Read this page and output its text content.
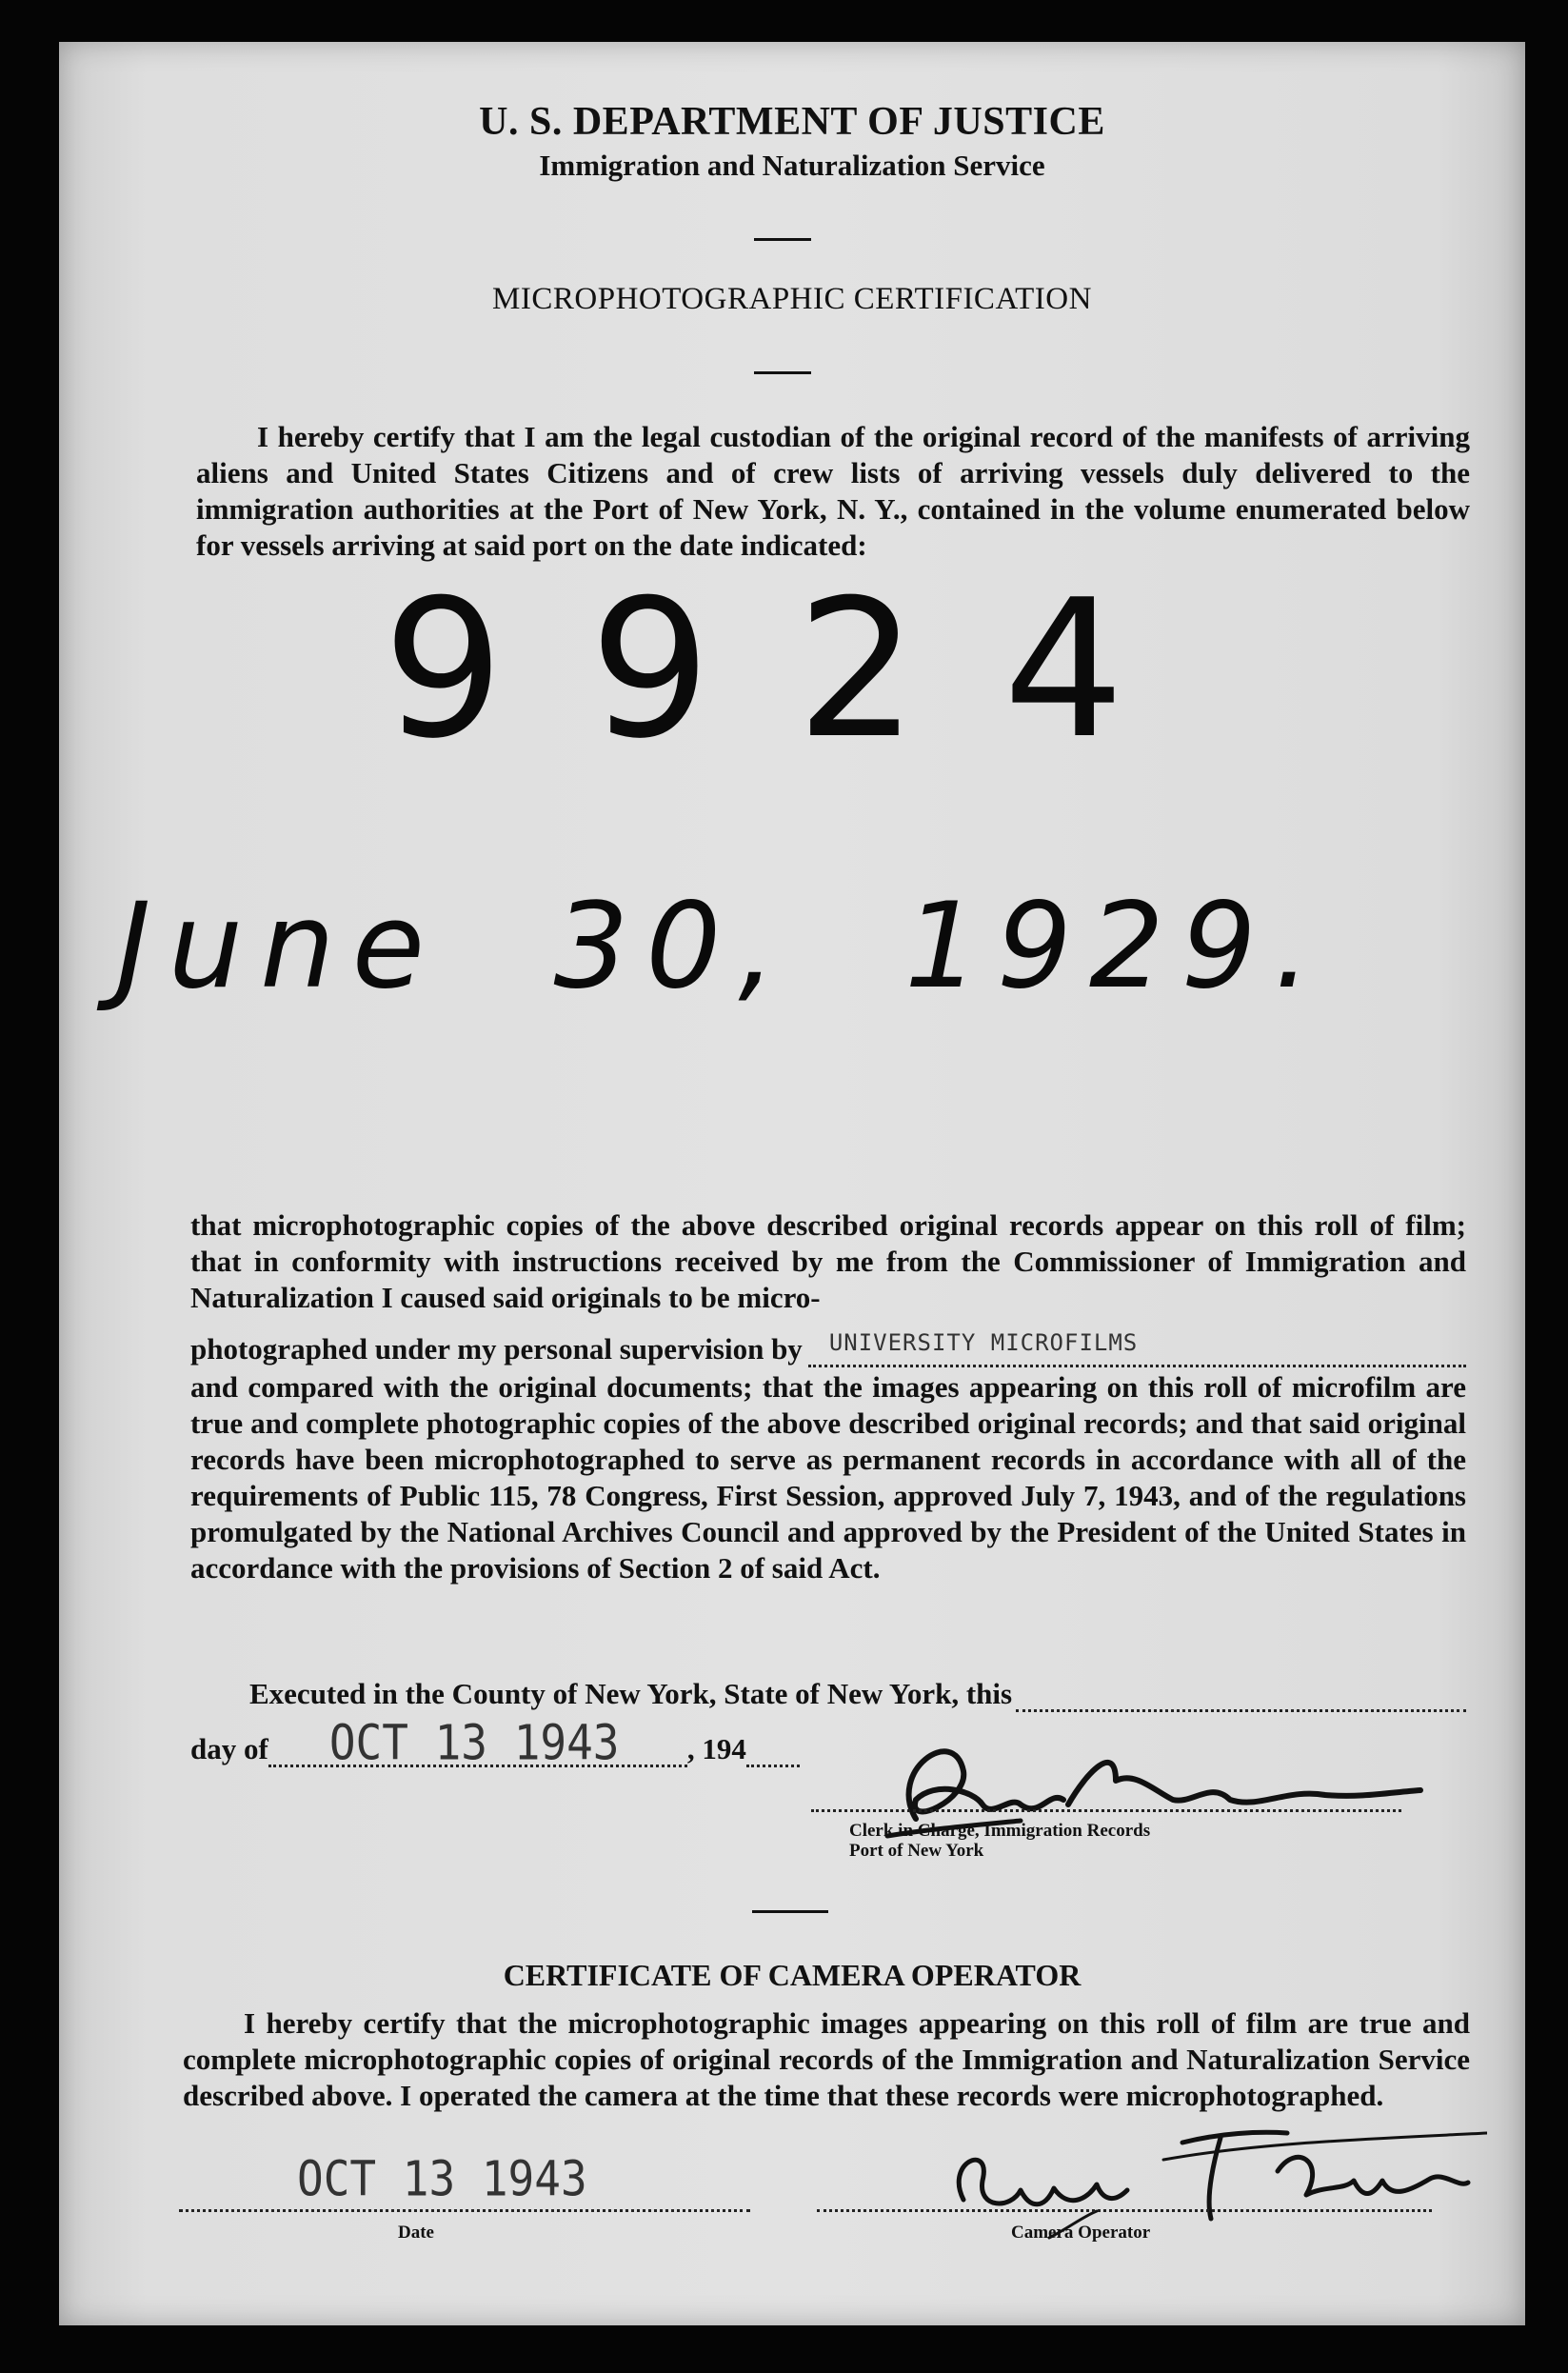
U. S. DEPARTMENT OF JUSTICE
Immigration and Naturalization Service
MICROPHOTOGRAPHIC CERTIFICATION
I hereby certify that I am the legal custodian of the original record of the manifests of arriving aliens and United States Citizens and of crew lists of arriving vessels duly delivered to the immigration authorities at the Port of New York, N. Y., contained in the volume enumerated below for vessels arriving at said port on the date indicated:
9924
June 30, 1929.
that microphotographic copies of the above described original records appear on this roll of film; that in conformity with instructions received by me from the Commissioner of Immigration and Naturalization I caused said originals to be micro-
photographed under my personal supervision by UNIVERSITY MICROFILMS
and compared with the original documents; that the images appearing on this roll of microfilm are true and complete photographic copies of the above described original records; and that said original records have been microphotographed to serve as permanent records in accordance with all of the requirements of Public 115, 78 Congress, First Session, approved July 7, 1943, and of the regulations promulgated by the National Archives Council and approved by the President of the United States in accordance with the provisions of Section 2 of said Act.
Executed in the County of New York, State of New York, this
day of OCT 13 1943 , 194
Clerk in Charge, Immigration Records
Port of New York
CERTIFICATE OF CAMERA OPERATOR
I hereby certify that the microphotographic images appearing on this roll of film are true and complete microphotographic copies of original records of the Immigration and Naturalization Service described above. I operated the camera at the time that these records were microphotographed.
OCT 13 1943
Date	Camera Operator
